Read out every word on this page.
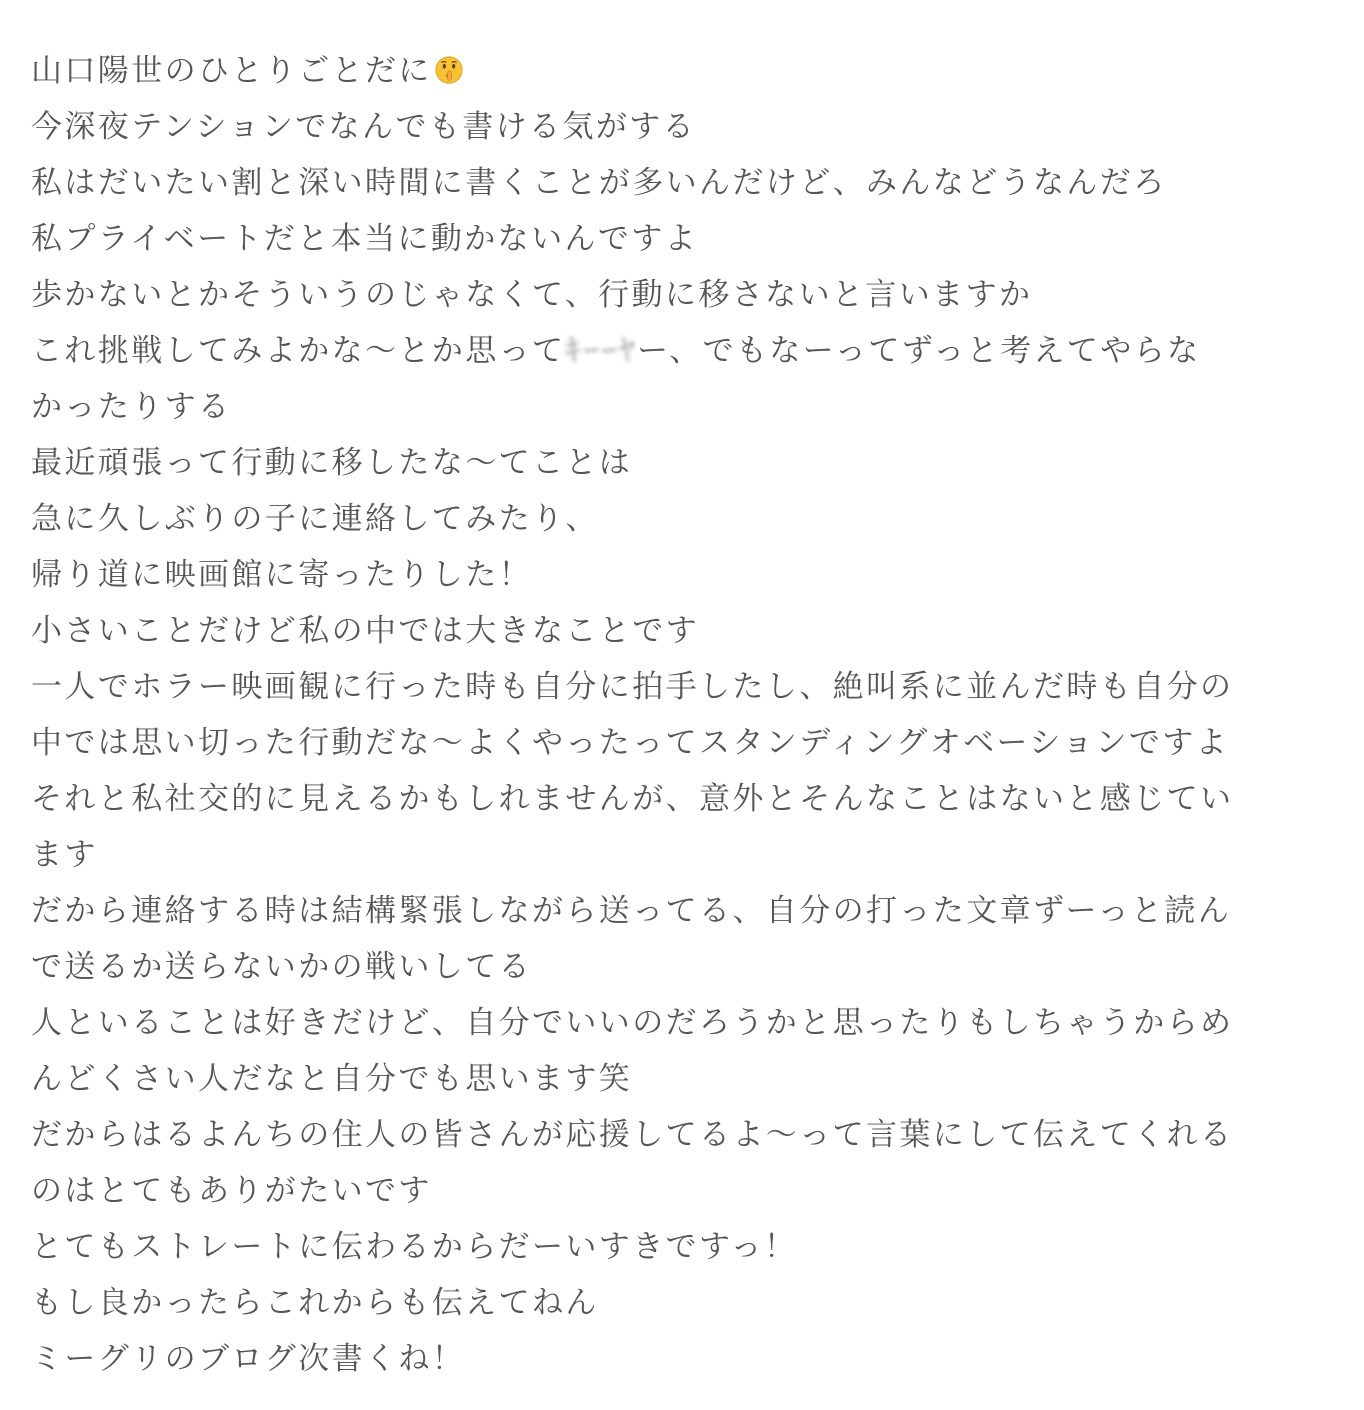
山口陽世のひとりごとだに
今深夜テンションでなんでも書ける気がする
私はだいたい割と深い時間に書くことが多いんだけど、みんなどうなんだろ
私プライベートだと本当に動かないんですよ
歩かないとかそういうのじゃなくて、行動に移さないと言いますか
これ挑戦してみよかな〜とか思ってｷｰｰﾔー、でもなーってずっと考えてやらな
かったりする
最近頑張って行動に移したな〜てことは
急に久しぶりの子に連絡してみたり、
帰り道に映画館に寄ったりした！
小さいことだけど私の中では大きなことです
一人でホラー映画観に行った時も自分に拍手したし、絶叫系に並んだ時も自分の
中では思い切った行動だな〜よくやったってスタンディングオベーションですよ
それと私社交的に見えるかもしれませんが、意外とそんなことはないと感じてい
ます
だから連絡する時は結構緊張しながら送ってる、自分の打った文章ずーっと読ん
で送るか送らないかの戦いしてる
人といることは好きだけど、自分でいいのだろうかと思ったりもしちゃうからめ
んどくさい人だなと自分でも思います笑
だからはるよんちの住人の皆さんが応援してるよ〜って言葉にして伝えてくれる
のはとてもありがたいです
とてもストレートに伝わるからだーいすきですっ！
もし良かったらこれからも伝えてねん
ミーグリのブログ次書くね！
